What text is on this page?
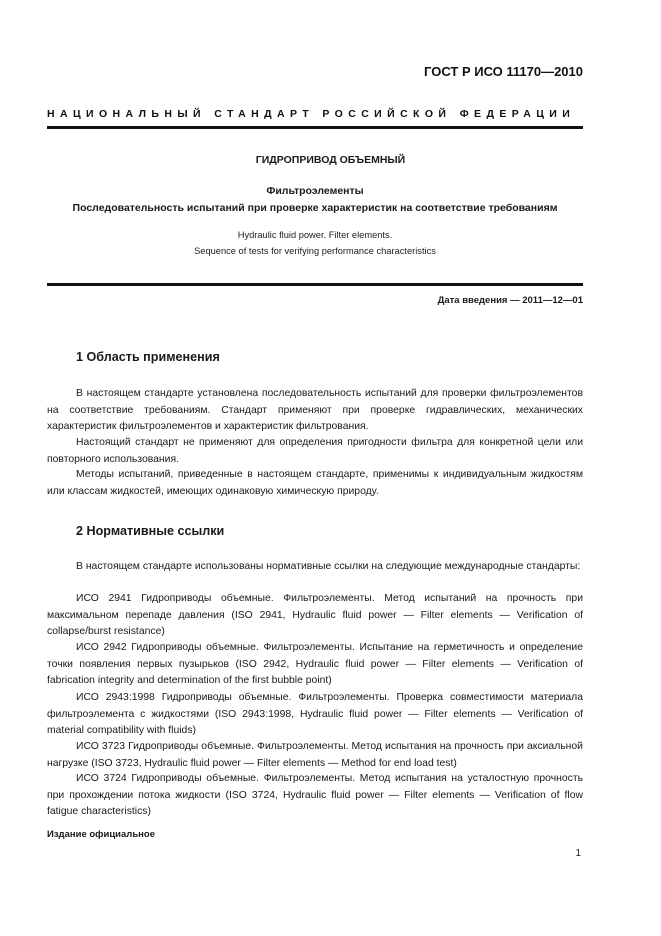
ГОСТ Р ИСО 11170—2010
НАЦИОНАЛЬНЫЙ СТАНДАРТ РОССИЙСКОЙ ФЕДЕРАЦИИ
ГИДРОПРИВОД ОБЪЕМНЫЙ
Фильтроэлементы
Последовательность испытаний при проверке характеристик на соответствие требованиям
Hydraulic fluid power. Filter elements.
Sequence of tests for verifying performance characteristics
Дата введения — 2011—12—01
1 Область применения

В настоящем стандарте установлена последовательность испытаний для проверки фильтроэлементов на соответствие требованиям. Стандарт применяют при проверке гидравлических, механических характеристик фильтроэлементов и характеристик фильтрования.

Настоящий стандарт не применяют для определения пригодности фильтра для конкретной цели или повторного использования.

Методы испытаний, приведенные в настоящем стандарте, применимы к индивидуальным жидкостям или классам жидкостей, имеющих одинаковую химическую природу.

2 Нормативные ссылки

В настоящем стандарте использованы нормативные ссылки на следующие международные стандарты:

ИСО 2941 Гидроприводы объемные. Фильтроэлементы. Метод испытаний на прочность при максимальном перепаде давления (ISO 2941, Hydraulic fluid power — Filter elements — Verification of collapse/burst resistance)

ИСО 2942 Гидроприводы объемные. Фильтроэлементы. Испытание на герметичность и определение точки появления первых пузырьков (ISO 2942, Hydraulic fluid power — Filter elements — Verification of fabrication integrity and determination of the first bubble point)

ИСО 2943:1998 Гидроприводы объемные. Фильтроэлементы. Проверка совместимости материала фильтроэлемента с жидкостями (ISO 2943:1998, Hydraulic fluid power — Filter elements — Verification of material compatibility with fluids)

ИСО 3723 Гидроприводы объемные. Фильтроэлементы. Метод испытания на прочность при аксиальной нагрузке (ISO 3723, Hydraulic fluid power — Filter elements — Method for end load test)

ИСО 3724 Гидроприводы объемные. Фильтроэлементы. Метод испытания на усталостную прочность при прохождении потока жидкости (ISO 3724, Hydraulic fluid power — Filter elements — Verification of flow fatigue characteristics)

Издание официальное
1
